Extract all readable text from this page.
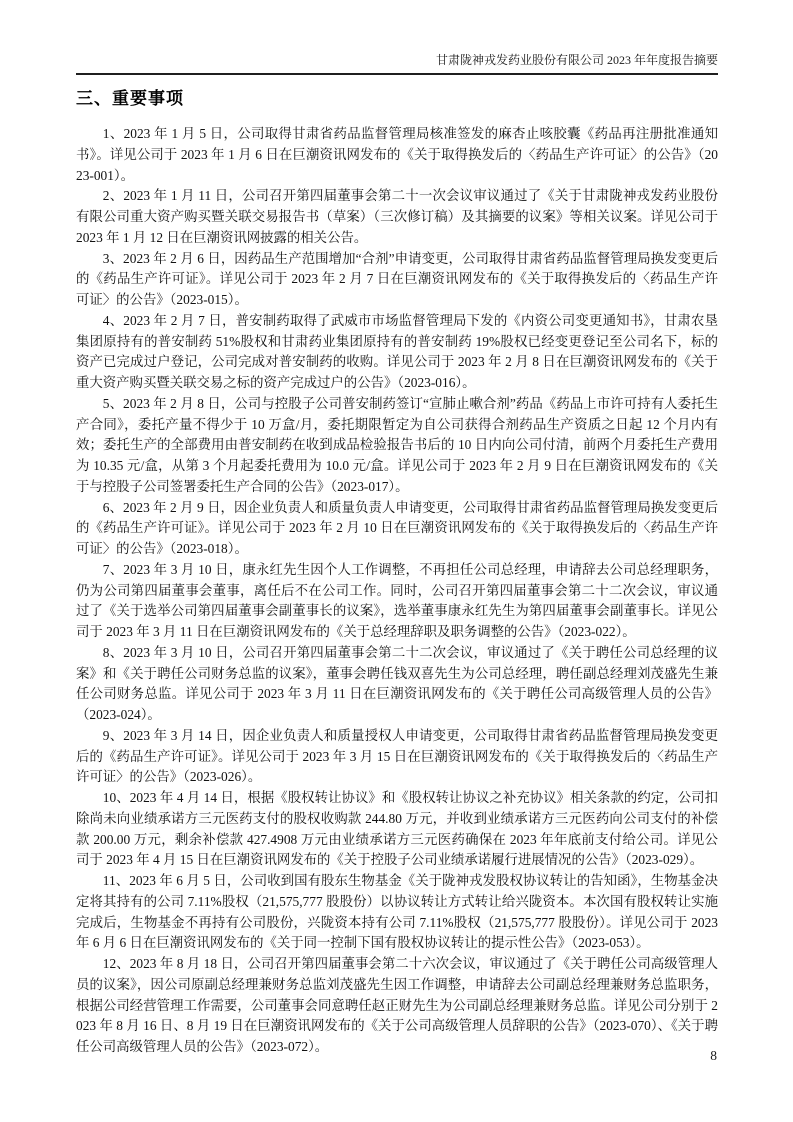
甘肃陇神戎发药业股份有限公司 2023 年年度报告摘要
三、重要事项

1、2023 年 1 月 5 日，公司取得甘肃省药品监督管理局核准签发的麻杏止咳胶囊《药品再注册批准通知书》。详见公司于 2023 年 1 月 6 日在巨潮资讯网发布的《关于取得换发后的〈药品生产许可证〉的公告》（2023-001）。

2、2023 年 1 月 11 日，公司召开第四届董事会第二十一次会议审议通过了《关于甘肃陇神戎发药业股份有限公司重大资产购买暨关联交易报告书（草案）（三次修订稿）及其摘要的议案》等相关议案。详见公司于 2023 年 1 月 12 日在巨潮资讯网披露的相关公告。

3、2023 年 2 月 6 日，因药品生产范围增加“合剂”申请变更，公司取得甘肃省药品监督管理局换发变更后的《药品生产许可证》。详见公司于 2023 年 2 月 7 日在巨潮资讯网发布的《关于取得换发后的〈药品生产许可证〉的公告》（2023-015）。

4、2023 年 2 月 7 日，普安制药取得了武威市市场监督管理局下发的《内资公司变更通知书》，甘肃农垦集团原持有的普安制药 51%股权和甘肃药业集团原持有的普安制药 19%股权已经变更登记至公司名下，标的资产已完成过户登记，公司完成对普安制药的收购。详见公司于 2023 年 2 月 8 日在巨潮资讯网发布的《关于重大资产购买暨关联交易之标的资产完成过户的公告》（2023-016）。

5、2023 年 2 月 8 日，公司与控股子公司普安制药签订“宣肺止嗽合剂”药品《药品上市许可持有人委托生产合同》，委托产量不得少于 10 万盒/月，委托期限暂定为自公司获得合剂药品生产资质之日起 12 个月内有效；委托生产的全部费用由普安制药在收到成品检验报告书后的 10 日内向公司付清，前两个月委托生产费用为 10.35 元/盒，从第 3 个月起委托费用为 10.0 元/盒。详见公司于 2023 年 2 月 9 日在巨潮资讯网发布的《关于与控股子公司签署委托生产合同的公告》（2023-017）。

6、2023 年 2 月 9 日，因企业负责人和质量负责人申请变更，公司取得甘肃省药品监督管理局换发变更后的《药品生产许可证》。详见公司于 2023 年 2 月 10 日在巨潮资讯网发布的《关于取得换发后的〈药品生产许可证〉的公告》（2023-018）。

7、2023 年 3 月 10 日，康永红先生因个人工作调整，不再担任公司总经理，申请辞去公司总经理职务，仍为公司第四届董事会董事，离任后不在公司工作。同时，公司召开第四届董事会第二十二次会议，审议通过了《关于选举公司第四届董事会副董事长的议案》，选举董事康永红先生为第四届董事会副董事长。详见公司于 2023 年 3 月 11 日在巨潮资讯网发布的《关于总经理辞职及职务调整的公告》（2023-022）。

8、2023 年 3 月 10 日，公司召开第四届董事会第二十二次会议，审议通过了《关于聘任公司总经理的议案》和《关于聘任公司财务总监的议案》，董事会聘任钱双喜先生为公司总经理，聘任副总经理刘茂盛先生兼任公司财务总监。详见公司于 2023 年 3 月 11 日在巨潮资讯网发布的《关于聘任公司高级管理人员的公告》（2023-024）。

9、2023 年 3 月 14 日，因企业负责人和质量授权人申请变更，公司取得甘肃省药品监督管理局换发变更后的《药品生产许可证》。详见公司于 2023 年 3 月 15 日在巨潮资讯网发布的《关于取得换发后的〈药品生产许可证〉的公告》（2023-026）。

10、2023 年 4 月 14 日，根据《股权转让协议》和《股权转让协议之补充协议》相关条款的约定，公司扣除尚未向业绩承诺方三元医药支付的股权收购款 244.80 万元，并收到业绩承诺方三元医药向公司支付的补偿款 200.00 万元，剩余补偿款 427.4908 万元由业绩承诺方三元医药确保在 2023 年年底前支付给公司。详见公司于 2023 年 4 月 15 日在巨潮资讯网发布的《关于控股子公司业绩承诺履行进展情况的公告》（2023-029）。

11、2023 年 6 月 5 日，公司收到国有股东生物基金《关于陇神戎发股权协议转让的告知函》，生物基金决定将其持有的公司 7.11%股权（21,575,777 股股份）以协议转让方式转让给兴陇资本。本次国有股权转让实施完成后，生物基金不再持有公司股份，兴陇资本持有公司 7.11%股权（21,575,777 股股份）。详见公司于 2023 年 6 月 6 日在巨潮资讯网发布的《关于同一控制下国有股权协议转让的提示性公告》（2023-053）。

12、2023 年 8 月 18 日，公司召开第四届董事会第二十六次会议，审议通过了《关于聘任公司高级管理人员的议案》，因公司原副总经理兼财务总监刘茂盛先生因工作调整，申请辞去公司副总经理兼财务总监职务，根据公司经营管理工作需要，公司董事会同意聘任赵正财先生为公司副总经理兼财务总监。详见公司分别于 2023 年 8 月 16 日、8 月 19 日在巨潮资讯网发布的《关于公司高级管理人员辞职的公告》（2023-070）、《关于聘任公司高级管理人员的公告》（2023-072）。

8
